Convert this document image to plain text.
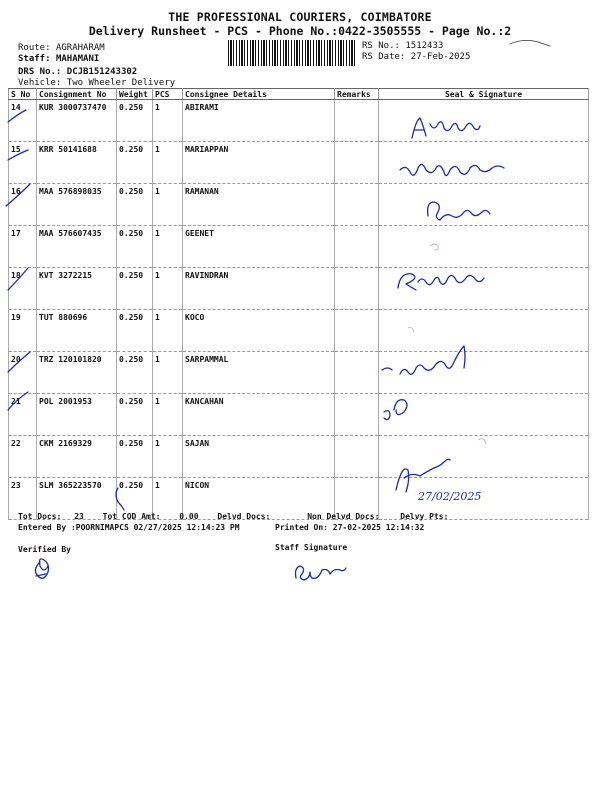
THE PROFESSIONAL COURIERS, COIMBATORE
Delivery Runsheet - PCS - Phone No.:0422-3505555 - Page No.:2
Route: AGRAHARAM
Staff: MAHAMANI
DRS No.: DCJB151243302
Vehicle: Two Wheeler Delivery
RS No.: 1512433
RS Date: 27-Feb-2025
S No	Consignment No	Weight	PCS	Consignee Details	Remarks	Seal & Signature
14	KUR 3000737470	0.250	1	ABIRAMI		
15	KRR 50141688	0.250	1	MARIAPPAN		
16	MAA 576898035	0.250	1	RAMANAN		
17	MAA 576607435	0.250	1	GEENET		
18	KVT 3272215	0.250	1	RAVINDRAN		
19	TUT 880696	0.250	1	KOCO		
20	TRZ 120101820	0.250	1	SARPAMMAL		
21	POL 2001953	0.250	1	KANCAHAN		
22	CKM 2169329	0.250	1	SAJAN		
23	SLM 365223570	0.250	1	NICON		
27/02/2025
Tot Docs: 23 Tot COD Amt: 0.00 Delvd Docs:	Non Delvd Docs:	Delvy Pts:
Entered By :POORNIMAPCS 02/27/2025 12:14:23 PM	Printed On: 27-02-2025 12:14:32
Verified By	Staff Signature
